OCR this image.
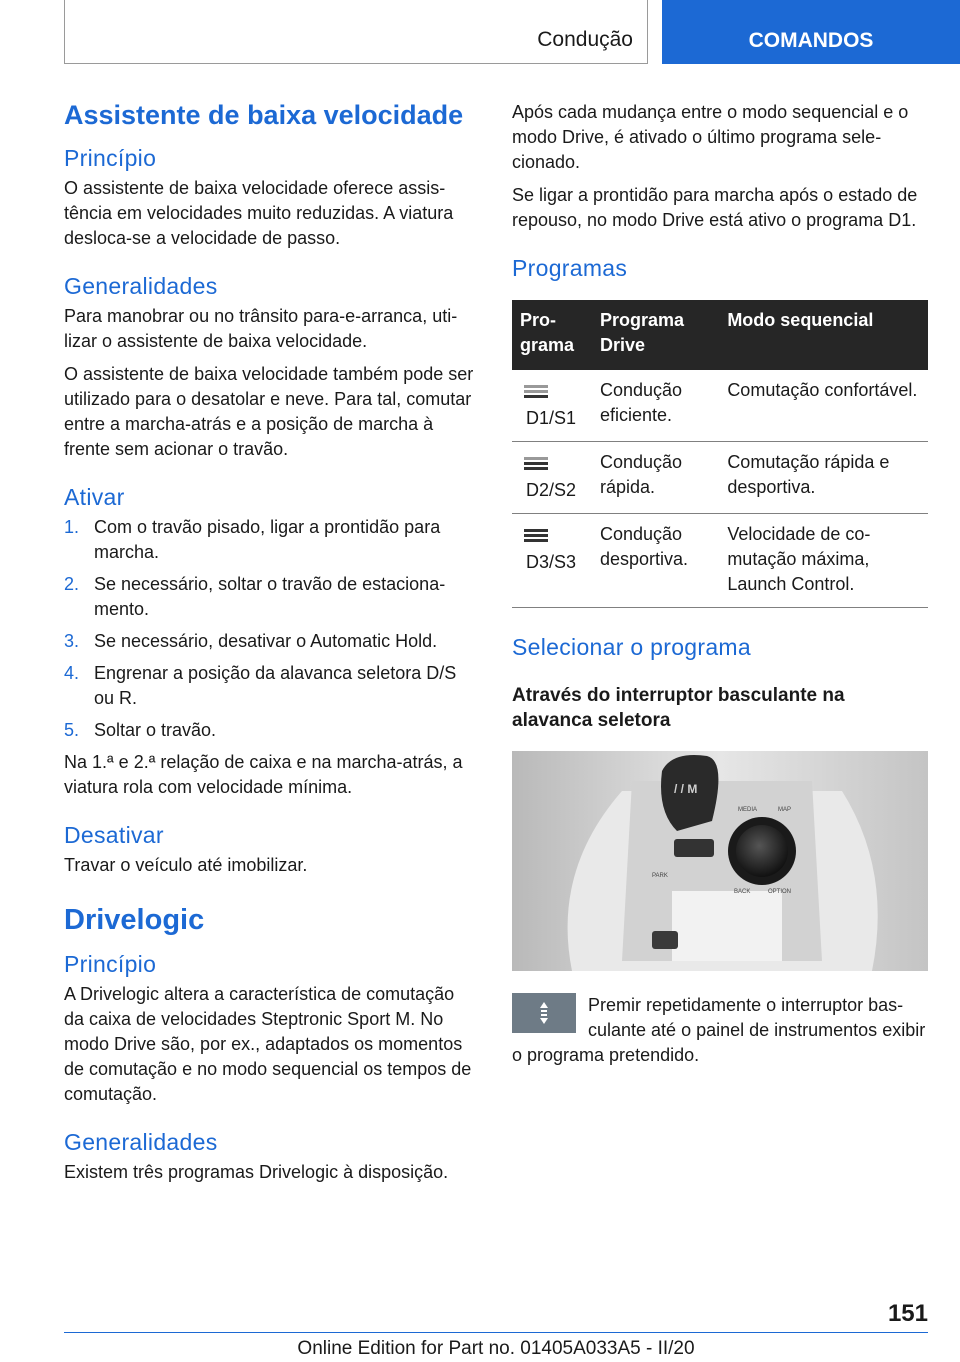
Condução	COMANDOS
Assistente de baixa velocidade
Princípio

O assistente de baixa velocidade oferece assistência em velocidades muito reduzidas. A viatura desloca-se a velocidade de passo.

Generalidades

Para manobrar ou no trânsito para-e-arranca, utilizar o assistente de baixa velocidade.

O assistente de baixa velocidade também pode ser utilizado para o desatolar e neve. Para tal, comutar entre a marcha-atrás e a posição de marcha à frente sem acionar o travão.

Ativar
1. Com o travão pisado, ligar a prontidão para marcha.
2. Se necessário, soltar o travão de estacionamento.
3. Se necessário, desativar o Automatic Hold.
4. Engrenar a posição da alavanca seletora D/S ou R.
5. Soltar o travão.

Na 1.ª e 2.ª relação de caixa e na marcha-atrás, a viatura rola com velocidade mínima.

Desativar

Travar o veículo até imobilizar.

Drivelogic
Princípio

A Drivelogic altera a característica de comutação da caixa de velocidades Steptronic Sport M. No modo Drive são, por ex., adaptados os momentos de comutação e no modo sequencial os tempos de comutação.

Generalidades

Existem três programas Drivelogic à disposição.

Após cada mudança entre o modo sequencial e o modo Drive, é ativado o último programa selecionado.

Se ligar a prontidão para marcha após o estado de repouso, no modo Drive está ativo o programa D1.

Programas
Programa	Programa Drive	Modo sequencial

D1/S1	Condução eficiente.	Comutação confortável.

D2/S2	Condução rápida.	Comutação rápida e desportiva.

D3/S3	Condução desportiva.	Velocidade de comutação máxima, Launch Control.
Selecionar o programa
Através do interruptor basculante na alavanca seletora
/ / M
PARK
BACK	OPTION
MEDIA	MAP

Premir repetidamente o interruptor basculante até o painel de instrumentos exibir o programa pretendido.

151
Online Edition for Part no. 01405A033A5 - II/20
